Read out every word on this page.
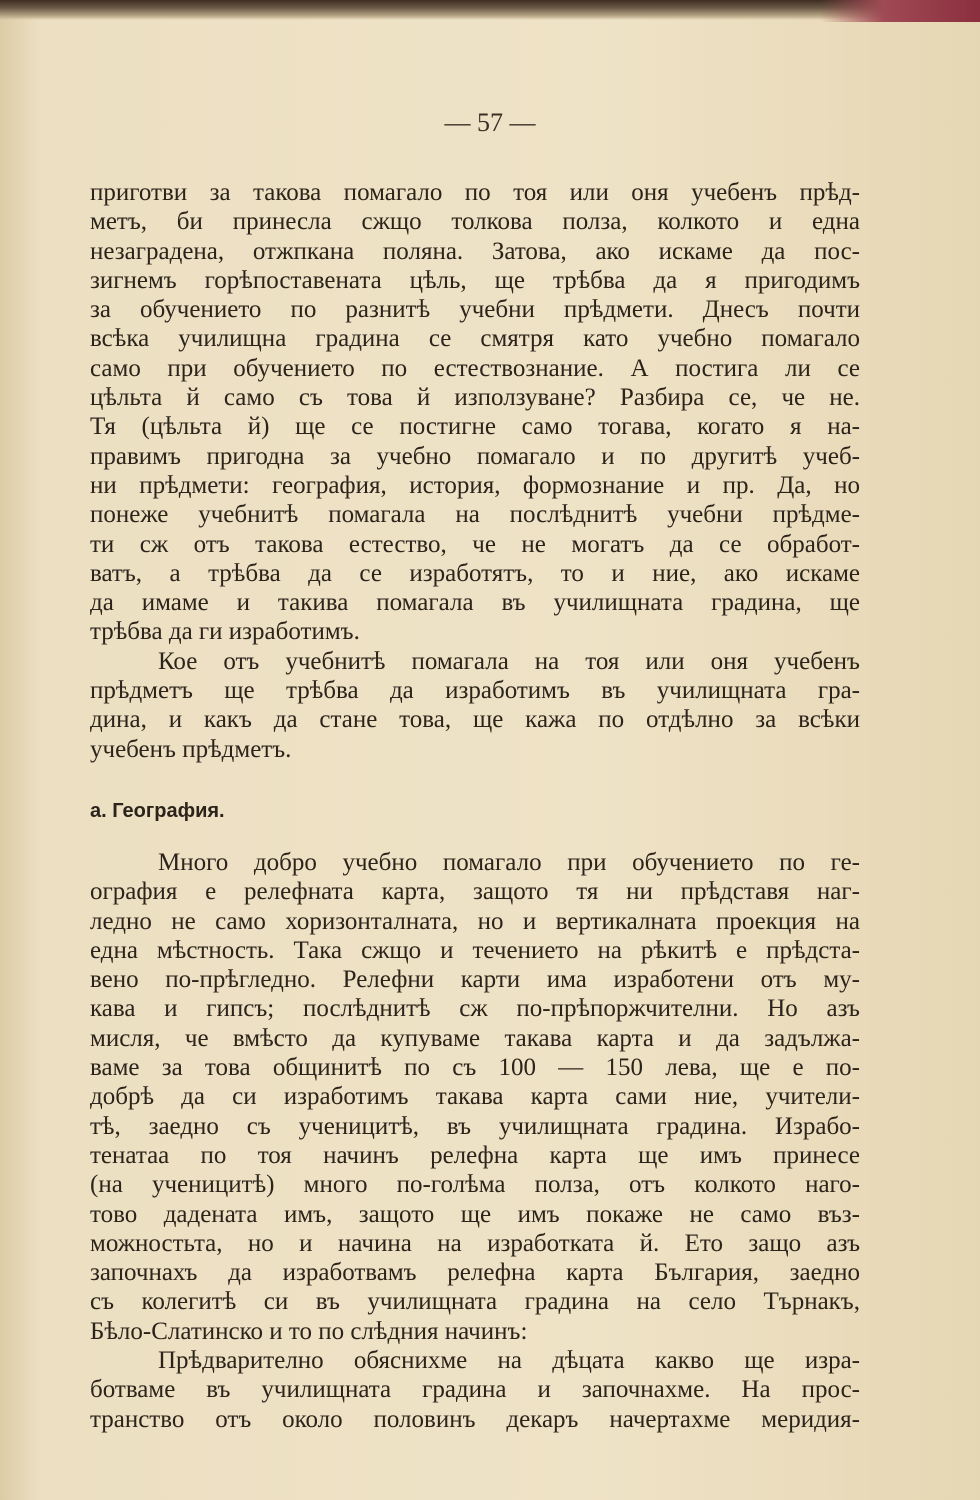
— 57 —
приготви за такова помагало по тоя или оня учебенъ прѣд-
метъ, би принесла сжщо толкова полза, колкото и една
незаградена, отжпкана поляна. Затова, ако искаме да пос-
зигнемъ горѣпоставената цѣль, ще трѣбва да я пригодимъ
за обучението по разнитѣ учебни прѣдмети. Днесъ почти
всѣка училищна градина се смятря като учебно помагало
само при обучението по естествознание. А постига ли се
цѣльта й само съ това й използуване? Разбира се, че не.
Тя (цѣльта й) ще се постигне само тогава, когато я на-
правимъ пригодна за учебно помагало и по другитѣ учеб-
ни прѣдмети: география, история, формознание и пр. Да, но
понеже учебнитѣ помагала на послѣднитѣ учебни прѣдме-
ти сж отъ такова естество, че не могатъ да се обработ-
ватъ, а трѣбва да се изработятъ, то и ние, ако искаме
да имаме и такива помагала въ училищната градина, ще
трѣбва да ги изработимъ.
Кое отъ учебнитѣ помагала на тоя или оня учебенъ
прѣдметъ ще трѣбва да изработимъ въ училищната гра-
дина, и какъ да стане това, ще кажа по отдѣлно за всѣки
учебенъ прѣдметъ.
а. География.
Много добро учебно помагало при обучението по ге-
ография е релефната карта, защото тя ни прѣдставя наг-
ледно не само хоризонталната, но и вертикалната проекция на
една мѣстность. Така сжщо и течението на рѣкитѣ е прѣдста-
вено по-прѣгледно. Релефни карти има изработени отъ му-
кава и гипсъ; послѣднитѣ сж по-прѣпоржчителни. Но азъ
мисля, че вмѣсто да купуваме такава карта и да задължа-
ваме за това общинитѣ по съ 100 — 150 лева, ще е по-
добрѣ да си изработимъ такава карта сами ние, учители-
тѣ, заедно съ ученицитѣ, въ училищната градина. Израбо-
тенатаа по тоя начинъ релефна карта ще имъ принесе
(на ученицитѣ) много по-голѣма полза, отъ колкото наго-
тово дадената имъ, защото ще имъ покаже не само въз-
можностьта, но и начина на изработката й. Ето защо азъ
започнахъ да изработвамъ релефна карта България, заедно
съ колегитѣ си въ училищната градина на село Търнакъ,
Бѣло-Слатинско и то по слѣдния начинъ:
Прѣдварително обяснихме на дѣцата какво ще изра-
ботваме въ училищната градина и започнахме. На прос-
транство отъ около половинъ декаръ начертахме меридия-
